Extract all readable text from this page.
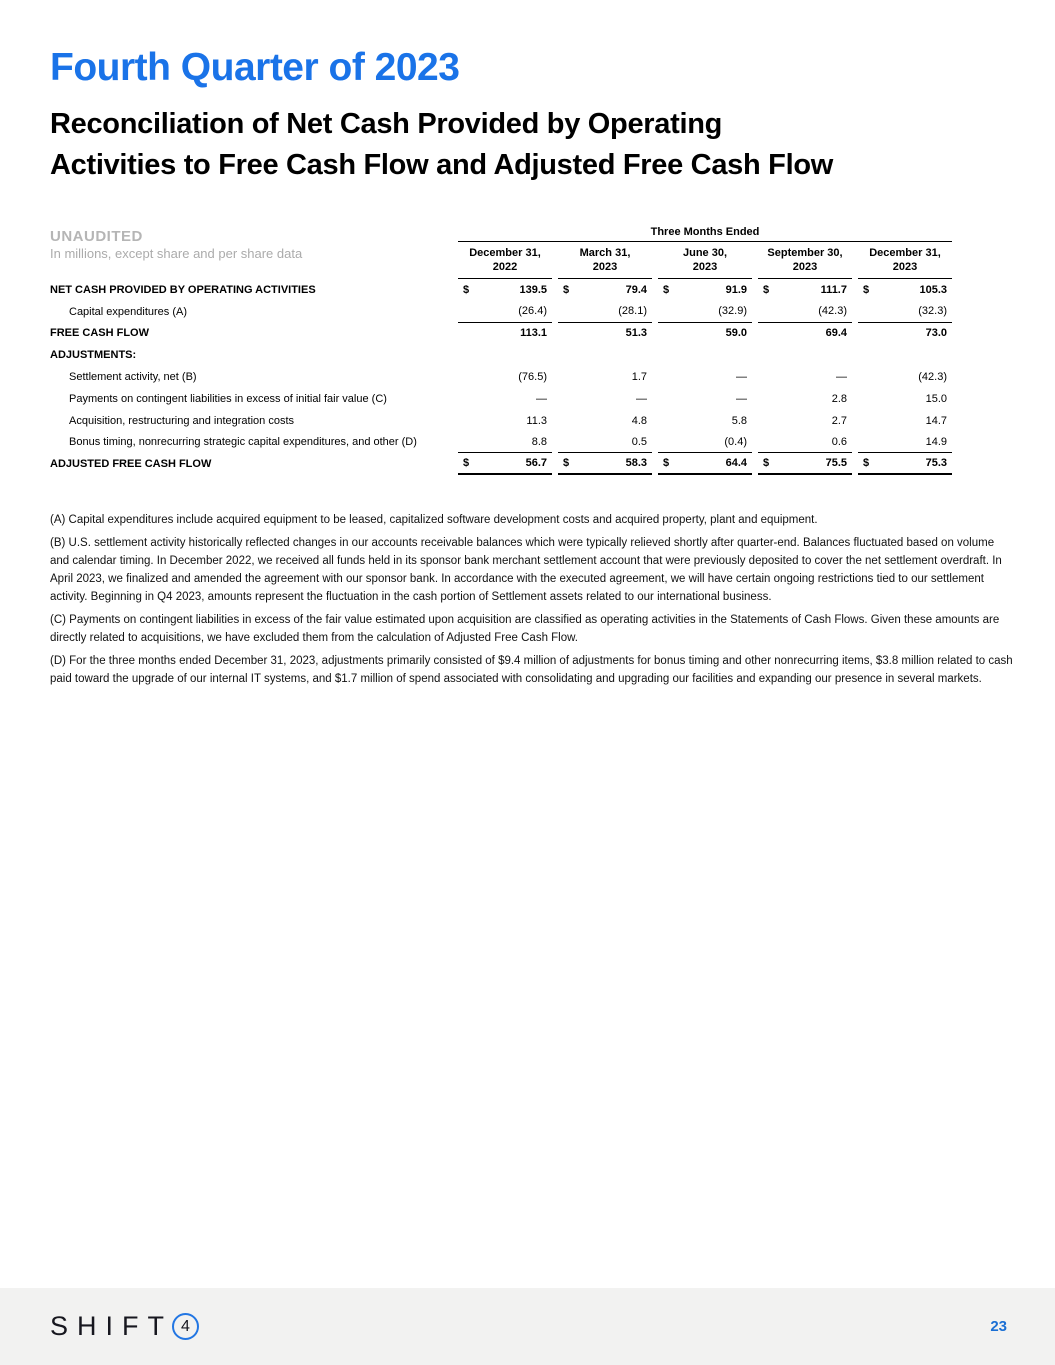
Fourth Quarter of 2023
Reconciliation of Net Cash Provided by Operating
Activities to Free Cash Flow and Adjusted Free Cash Flow
UNAUDITED
In millions, except share and per share data
Three Months Ended
December 31,
2022
March 31,
2023
June 30,
2023
September 30,
2023
December 31,
2023
NET CASH PROVIDED BY OPERATING ACTIVITIES	$	139.5 $	79.4 $	91.9 $	111.7 $	105.3
Capital expenditures (A)	(26.4)	(28.1)	(32.9)	(42.3)	(32.3)
FREE CASH FLOW	113.1	51.3	59.0	69.4	73.0
ADJUSTMENTS:
Settlement activity, net (B)	(76.5)	1.7	—	—	(42.3)
Payments on contingent liabilities in excess of initial fair value (C)	—	—	—	2.8	15.0
Acquisition, restructuring and integration costs	11.3	4.8	5.8	2.7	14.7
Bonus timing, nonrecurring strategic capital expenditures, and other (D)	8.8	0.5	(0.4)	0.6	14.9
ADJUSTED FREE CASH FLOW	$	56.7 $	58.3 $	64.4 $	75.5 $	75.3

(A) Capital expenditures include acquired equipment to be leased, capitalized software development costs and acquired property, plant and equipment.

(B) U.S. settlement activity historically reflected changes in our accounts receivable balances which were typically relieved shortly after quarter-end. Balances fluctuated based on volume and calendar timing. In December 2022, we received all funds held in its sponsor bank merchant settlement account that were previously deposited to cover the net settlement overdraft. In April 2023, we finalized and amended the agreement with our sponsor bank. In accordance with the executed agreement, we will have certain ongoing restrictions tied to our settlement activity. Beginning in Q4 2023, amounts represent the fluctuation in the cash portion of Settlement assets related to our international business.

(C) Payments on contingent liabilities in excess of the fair value estimated upon acquisition are classified as operating activities in the Statements of Cash Flows. Given these amounts are directly related to acquisitions, we have excluded them from the calculation of Adjusted Free Cash Flow.

(D) For the three months ended December 31, 2023, adjustments primarily consisted of $9.4 million of adjustments for bonus timing and other nonrecurring items, $3.8 million related to cash paid toward the upgrade of our internal IT systems, and $1.7 million of spend associated with consolidating and upgrading our facilities and expanding our presence in several markets.

SHIFT 4	23
